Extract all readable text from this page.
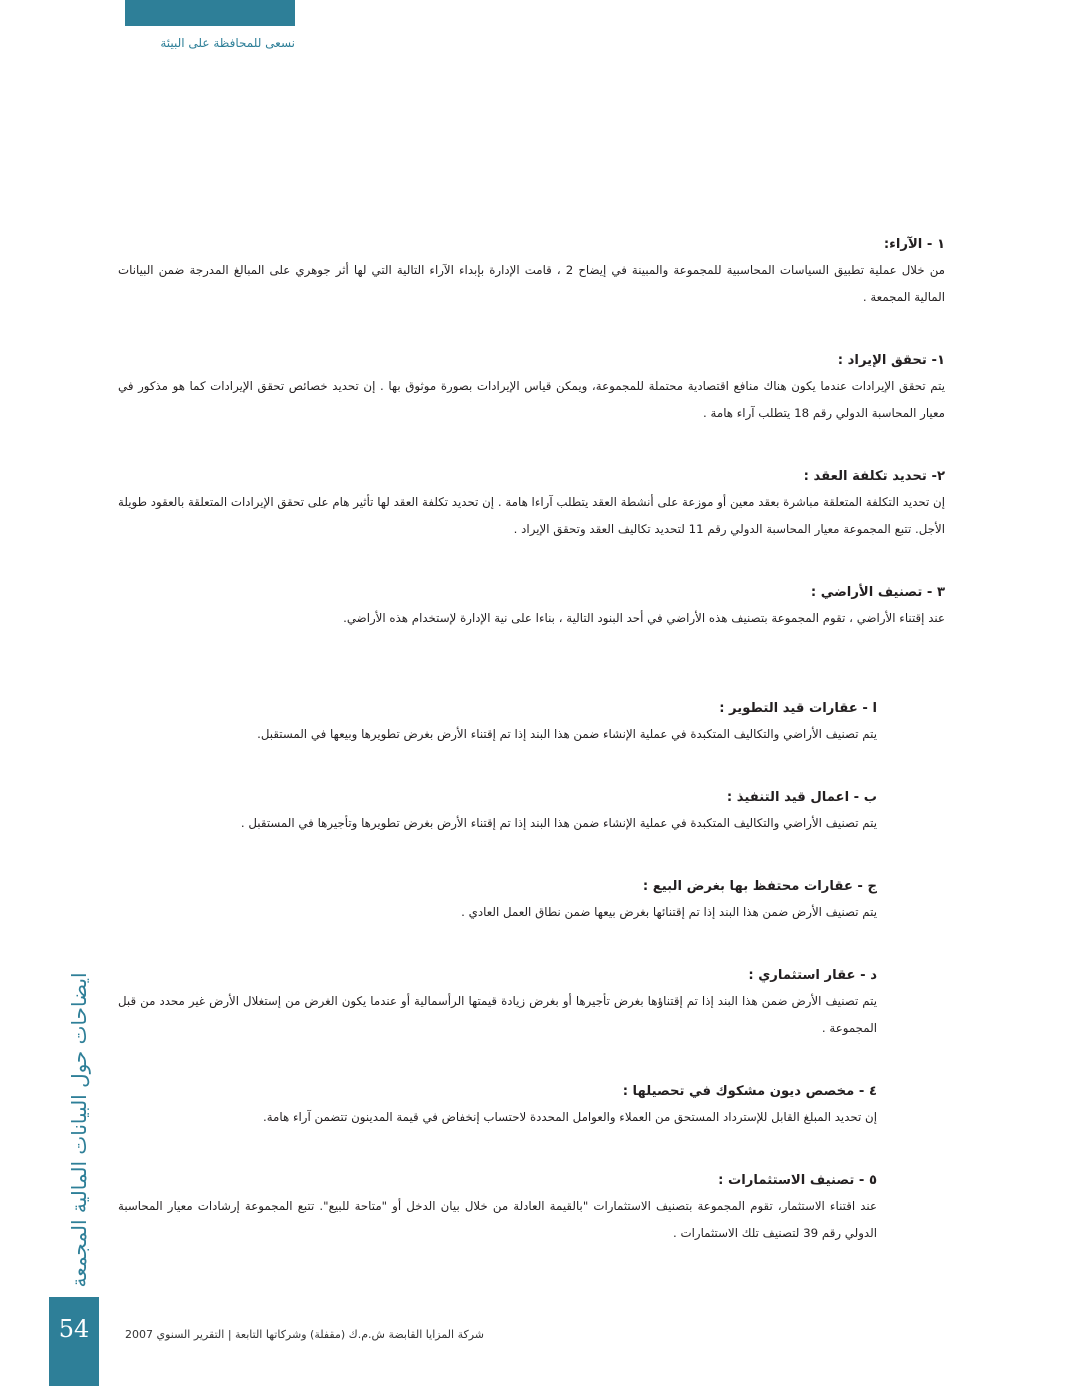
نسعى للمحافظة على البيئة

١ - الآراء:

من خلال عملية تطبيق السياسات المحاسبية للمجموعة والمبينة في إيضاح 2 ، قامت الإدارة بإبداء الآراء التالية التي لها أثر جوهري على المبالغ المدرجة ضمن البيانات المالية المجمعة .

١- تحقق الإيراد :

يتم تحقق الإيرادات عندما يكون هناك منافع اقتصادية محتملة للمجموعة، ويمكن قياس الإيرادات بصورة موثوق بها . إن تحديد خصائص تحقق الإيرادات كما هو مذكور في معيار المحاسبة الدولي رقم 18 يتطلب آراء هامة .

٢- تحديد تكلفة العقد :

إن تحديد التكلفة المتعلقة مباشرة بعقد معين أو موزعة على أنشطة العقد يتطلب آراءا هامة . إن تحديد تكلفة العقد لها تأثير هام على تحقق الإيرادات المتعلقة بالعقود طويلة الأجل. تتبع المجموعة معيار المحاسبة الدولي رقم 11 لتحديد تكاليف العقد وتحقق الإيراد .

٣ - تصنيف الأراضي :

عند إقتناء الأراضي ، تقوم المجموعة بتصنيف هذه الأراضي في أحد البنود التالية ، بناءا على نية الإدارة لإستخدام هذه الأراضي.

ا - عقارات قيد التطوير :

يتم تصنيف الأراضي والتكاليف المتكبدة في عملية الإنشاء ضمن هذا البند إذا تم إقتناء الأرض بغرض تطويرها وبيعها في المستقبل.

ب - اعمال قيد التنفيذ :

يتم تصنيف الأراضي والتكاليف المتكبدة في عملية الإنشاء ضمن هذا البند إذا تم إقتناء الأرض بغرض تطويرها وتأجيرها في المستقبل .

ج - عقارات محتفظ بها بغرض البيع :

يتم تصنيف الأرض ضمن هذا البند إذا تم إقتنائها بغرض بيعها ضمن نطاق العمل العادي .

د - عقار استثماري :

يتم تصنيف الأرض ضمن هذا البند إذا تم إقتناؤها بغرض تأجيرها أو بغرض زيادة قيمتها الرأسمالية أو عندما يكون الغرض من إستغلال الأرض غير محدد من قبل المجموعة .

٤ - مخصص ديون مشكوك في تحصيلها :

إن تحديد المبلغ القابل للإسترداد المستحق من العملاء والعوامل المحددة لاحتساب إنخفاض في قيمة المدينون تتضمن آراء هامة.

٥ - تصنيف الاستثمارات :

عند اقتناء الاستثمار، تقوم المجموعة بتصنيف الاستثمارات "بالقيمة العادلة من خلال بيان الدخل أو "متاحة للبيع". تتبع المجموعة إرشادات معيار المحاسبة الدولي رقم 39 لتصنيف تلك الاستثمارات .

ايضاحات حول البيانات المالية المجمعة
54	شركة المزايا القابضة ش.م.ك (مقفلة) وشركاتها التابعة | التقرير السنوي 2007
